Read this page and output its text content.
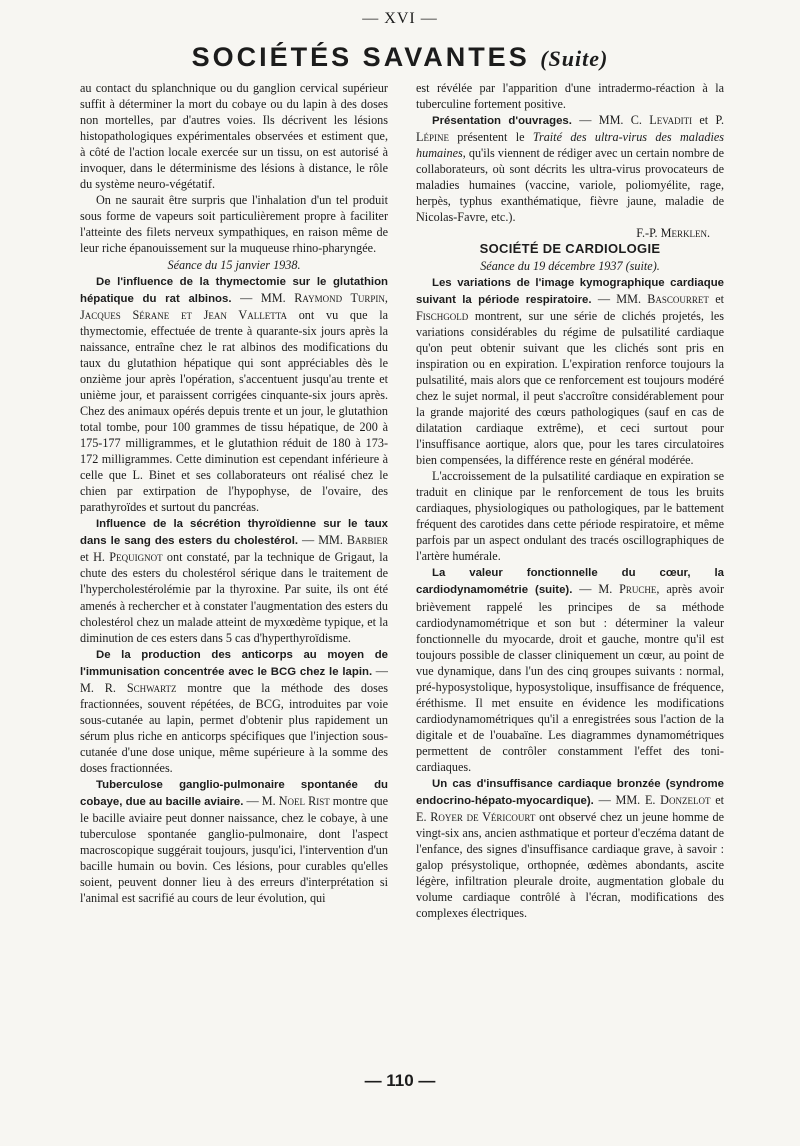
— XVI —
SOCIÉTÉS SAVANTES (Suite)

au contact du splanchnique ou du ganglion cervical supérieur suffit à déterminer la mort du cobaye ou du lapin à des doses non mortelles, par d'autres voies. Ils décrivent les lésions histopathologiques expérimentales observées et estiment que, à côté de l'action locale exercée sur un tissu, on est autorisé à invoquer, dans le déterminisme des lésions à distance, le rôle du système neuro-végétatif.

On ne saurait être surpris que l'inhalation d'un tel produit sous forme de vapeurs soit particulièrement propre à faciliter l'atteinte des filets nerveux sympathiques, en raison même de leur riche épanouissement sur la muqueuse rhino-pharyngée.

Séance du 15 janvier 1938.

De l'influence de la thymectomie sur le glutathion hépatique du rat albinos. — MM. Raymond Turpin, Jacques Sérane et Jean Valletta ont vu que la thymectomie, effectuée de trente à quarante-six jours après la naissance, entraîne chez le rat albinos des modifications du taux du glutathion hépatique qui sont appréciables dès le onzième jour après l'opération, s'accentuent jusqu'au trente et unième jour, et paraissent corrigées cinquante-six jours après. Chez des animaux opérés depuis trente et un jour, le glutathion total tombe, pour 100 grammes de tissu hépatique, de 200 à 175-177 milligrammes, et le glutathion réduit de 180 à 173-172 milligrammes. Cette diminution est cependant inférieure à celle que L. Binet et ses collaborateurs ont réalisé chez le chien par extirpation de l'hypophyse, de l'ovaire, des parathyroïdes et surtout du pancréas.

Influence de la sécrétion thyroïdienne sur le taux dans le sang des esters du cholestérol. — MM. Barbier et H. Pequignot ont constaté, par la technique de Grigaut, la chute des esters du cholestérol sérique dans le traitement de l'hypercholestérolémie par la thyroxine. Par suite, ils ont été amenés à rechercher et à constater l'augmentation des esters du cholestérol chez un malade atteint de myxœdème typique, et la diminution de ces esters dans 5 cas d'hyperthyroïdisme.

De la production des anticorps au moyen de l'immunisation concentrée avec le BCG chez le lapin. — M. R. Schwartz montre que la méthode des doses fractionnées, souvent répétées, de BCG, introduites par voie sous-cutanée au lapin, permet d'obtenir plus rapidement un sérum plus riche en anticorps spécifiques que l'injection sous-cutanée d'une dose unique, même supérieure à la somme des doses fractionnées.

Tuberculose ganglio-pulmonaire spontanée du cobaye, due au bacille aviaire. — M. Noel Rist montre que le bacille aviaire peut donner naissance, chez le cobaye, à une tuberculose spontanée ganglio-pulmonaire, dont l'aspect macroscopique suggérait toujours, jusqu'ici, l'intervention d'un bacille humain ou bovin. Ces lésions, pour curables qu'elles soient, peuvent donner lieu à des erreurs d'interprétation si l'animal est sacrifié au cours de leur évolution, qui

est révélée par l'apparition d'une intradermo-réaction à la tuberculine fortement positive.

Présentation d'ouvrages. — MM. C. Levaditi et P. Lépine présentent le Traité des ultra-virus des maladies humaines, qu'ils viennent de rédiger avec un certain nombre de collaborateurs, où sont décrits les ultra-virus provocateurs de maladies humaines (vaccine, variole, poliomyélite, rage, herpès, typhus exanthématique, fièvre jaune, maladie de Nicolas-Favre, etc.).

F.-P. Merklen.

SOCIÉTÉ DE CARDIOLOGIE

Séance du 19 décembre 1937 (suite).

Les variations de l'image kymographique cardiaque suivant la période respiratoire. — MM. Bascourret et Fischgold montrent, sur une série de clichés projetés, les variations considérables du régime de pulsatilité cardiaque qu'on peut obtenir suivant que les clichés sont pris en inspiration ou en expiration. L'expiration renforce toujours la pulsatilité, mais alors que ce renforcement est toujours modéré chez le sujet normal, il peut s'accroître considérablement pour la grande majorité des cœurs pathologiques (sauf en cas de dilatation cardiaque extrême), et ceci surtout pour l'insuffisance aortique, alors que, pour les tares circulatoires bien compensées, la différence reste en général modérée.

L'accroissement de la pulsatilité cardiaque en expiration se traduit en clinique par le renforcement de tous les bruits cardiaques, physiologiques ou pathologiques, par le battement fréquent des carotides dans cette période respiratoire, et même parfois par un aspect ondulant des tracés oscillographiques de l'artère humérale.

La valeur fonctionnelle du cœur, la cardiodynamométrie (suite). — M. Pruche, après avoir brièvement rappelé les principes de sa méthode cardiodynamométrique et son but : déterminer la valeur fonctionnelle du myocarde, droit et gauche, montre qu'il est toujours possible de classer cliniquement un cœur, au point de vue dynamique, dans l'un des cinq groupes suivants : normal, pré-hyposystolique, hyposystolique, insuffisance de fréquence, éréthisme. Il met ensuite en évidence les modifications cardiodynamométriques qu'il a enregistrées sous l'action de la digitale et de l'ouabaïne. Les diagrammes dynamométriques permettent de contrôler constamment l'effet des toni-cardiaques.

Un cas d'insuffisance cardiaque bronzée (syndrome endocrino-hépato-myocardique). — MM. E. Donzelot et E. Royer de Véricourt ont observé chez un jeune homme de vingt-six ans, ancien asthmatique et porteur d'eczéma datant de l'enfance, des signes d'insuffisance cardiaque grave, à savoir : galop présystolique, orthopnée, œdèmes abondants, ascite légère, infiltration pleurale droite, augmentation globale du volume cardiaque contrôlé à l'écran, modifications des complexes électriques.

— 110 —
